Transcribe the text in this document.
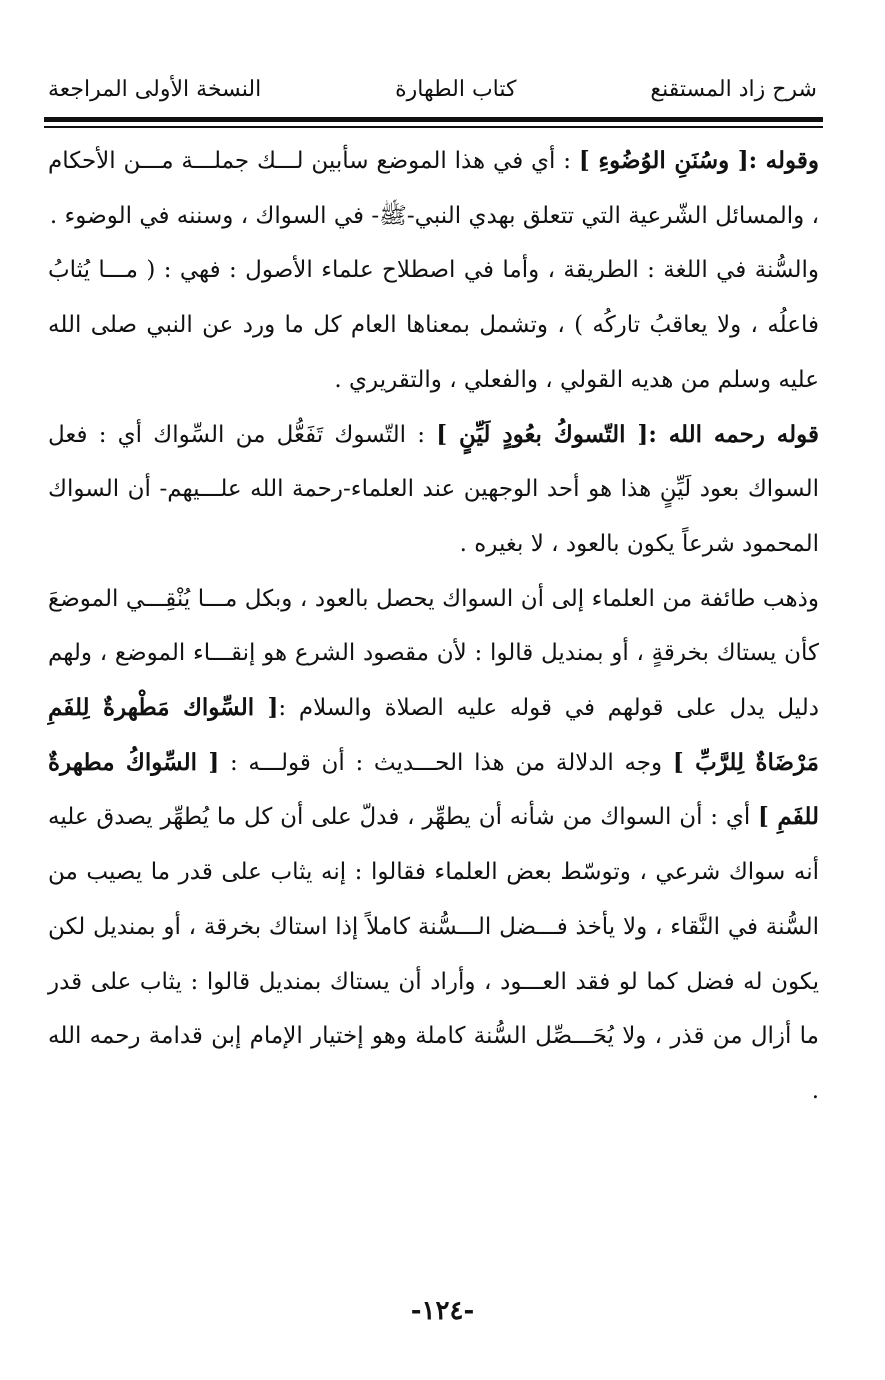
شرح زاد المستقنع
كتاب الطهارة
النسخة الأولى المراجعة

وقوله :[ وسُنَنِ الوُضُوءِ ] : أي في هذا الموضع سأبين لـــك جملـــة مـــن الأحكام ، والمسائل الشّرعية التي تتعلق بهدي النبي-ﷺ- في السواك ، وسننه في الوضوء .

والسُّنة في اللغة : الطريقة ، وأما في اصطلاح علماء الأصول : فهي : ( مـــا يُثابُ فاعلُه ، ولا يعاقبُ تاركُه ) ، وتشمل بمعناها العام كل ما ورد عن النبي صلى الله عليه وسلم من هديه القولي ، والفعلي ، والتقريري .

قوله رحمه الله :[ التّسوكُ بعُودٍ لَيِّنٍ ] : التّسوك تَفَعُّل من السِّواك أي : فعل السواك بعود لَيِّنٍ هذا هو أحد الوجهين عند العلماء-رحمة الله علـــيهم- أن السواك المحمود شرعاً يكون بالعود ، لا بغيره .

وذهب طائفة من العلماء إلى أن السواك يحصل بالعود ، وبكل مـــا يُنْقِـــي الموضعَ كأن يستاك بخرقةٍ ، أو بمنديل قالوا : لأن مقصود الشرع هو إنقـــاء الموضع ، ولهم دليل يدل على قولهم في قوله عليه الصلاة والسلام :[ السِّواك مَطْهرةٌ لِلفَمِ مَرْضَاةٌ لِلرَّبِّ ] وجه الدلالة من هذا الحـــديث : أن قولـــه : [ السِّواكُ مطهرةٌ للفَمِ ] أي : أن السواك من شأنه أن يطهِّر ، فدلّ على أن كل ما يُطهِّر يصدق عليه أنه سواك شرعي ، وتوسّط بعض العلماء فقالوا : إنه يثاب على قدر ما يصيب من السُّنة في النَّقاء ، ولا يأخذ فـــضل الـــسُّنة كاملاً إذا استاك بخرقة ، أو بمنديل لكن يكون له فضل كما لو فقد العـــود ، وأراد أن يستاك بمنديل قالوا : يثاب على قدر ما أزال من قذر ، ولا يُحَـــصِّل السُّنة كاملة وهو إختيار الإمام إبن قدامة رحمه الله .

-١٢٤-
